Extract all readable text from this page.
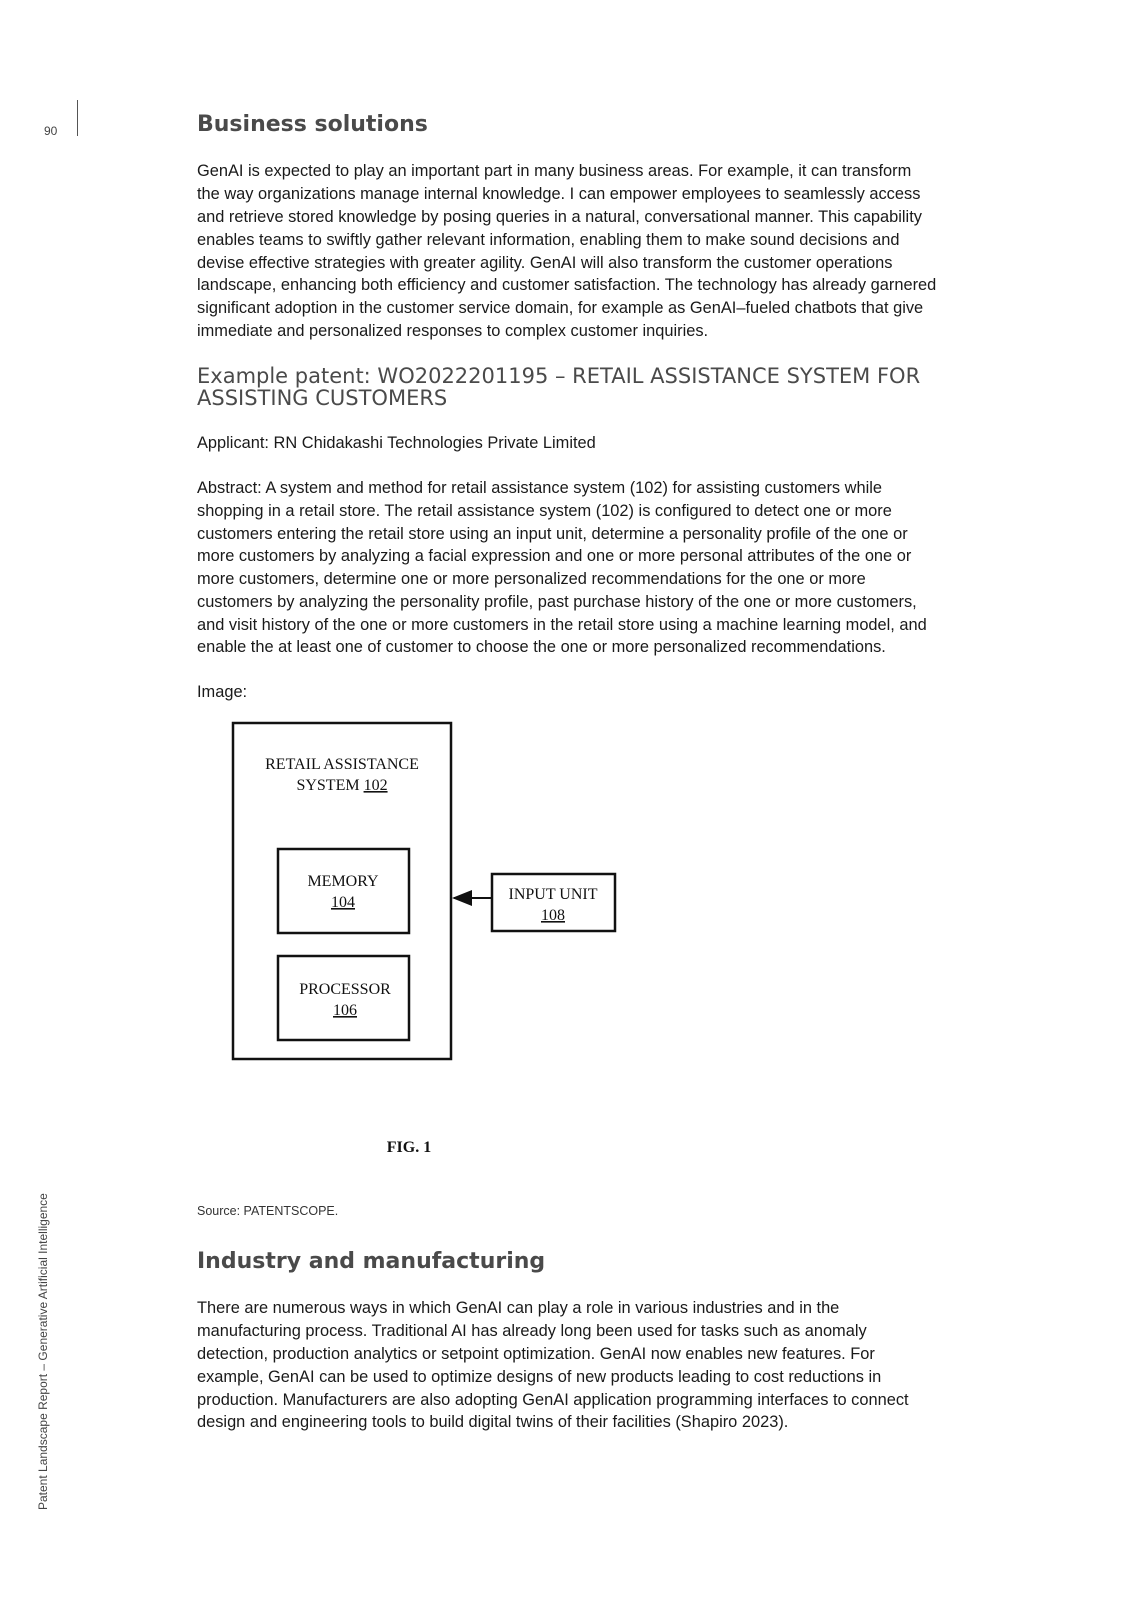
90
Patent Landscape Report – Generative Artificial Intelligence
Business solutions

GenAI is expected to play an important part in many business areas. For example, it can transform the way organizations manage internal knowledge. I can empower employees to seamlessly access and retrieve stored knowledge by posing queries in a natural, conversational manner. This capability enables teams to swiftly gather relevant information, enabling them to make sound decisions and devise effective strategies with greater agility. GenAI will also transform the customer operations landscape, enhancing both efficiency and customer satisfaction. The technology has already garnered significant adoption in the customer service domain, for example as GenAI–fueled chatbots that give immediate and personalized responses to complex customer inquiries.

Example patent: WO2022201195 – RETAIL ASSISTANCE SYSTEM FOR ASSISTING CUSTOMERS

Applicant: RN Chidakashi Technologies Private Limited

Abstract: A system and method for retail assistance system (102) for assisting customers while shopping in a retail store. The retail assistance system (102) is configured to detect one or more customers entering the retail store using an input unit, determine a personality profile of the one or more customers by analyzing a facial expression and one or more personal attributes of the one or more customers, determine one or more personalized recommendations for the one or more customers by analyzing the personality profile, past purchase history of the one or more customers, and visit history of the one or more customers in the retail store using a machine learning model, and enable the at least one of customer to choose the one or more personalized recommendations.

Image:

RETAIL ASSISTANCE
SYSTEM 102
MEMORY
104
PROCESSOR
106
INPUT UNIT
108
FIG. 1
Source: PATENTSCOPE.
Industry and manufacturing

There are numerous ways in which GenAI can play a role in various industries and in the manufacturing process. Traditional AI has already long been used for tasks such as anomaly detection, production analytics or setpoint optimization. GenAI now enables new features. For example, GenAI can be used to optimize designs of new products leading to cost reductions in production. Manufacturers are also adopting GenAI application programming interfaces to connect design and engineering tools to build digital twins of their facilities (Shapiro 2023).
